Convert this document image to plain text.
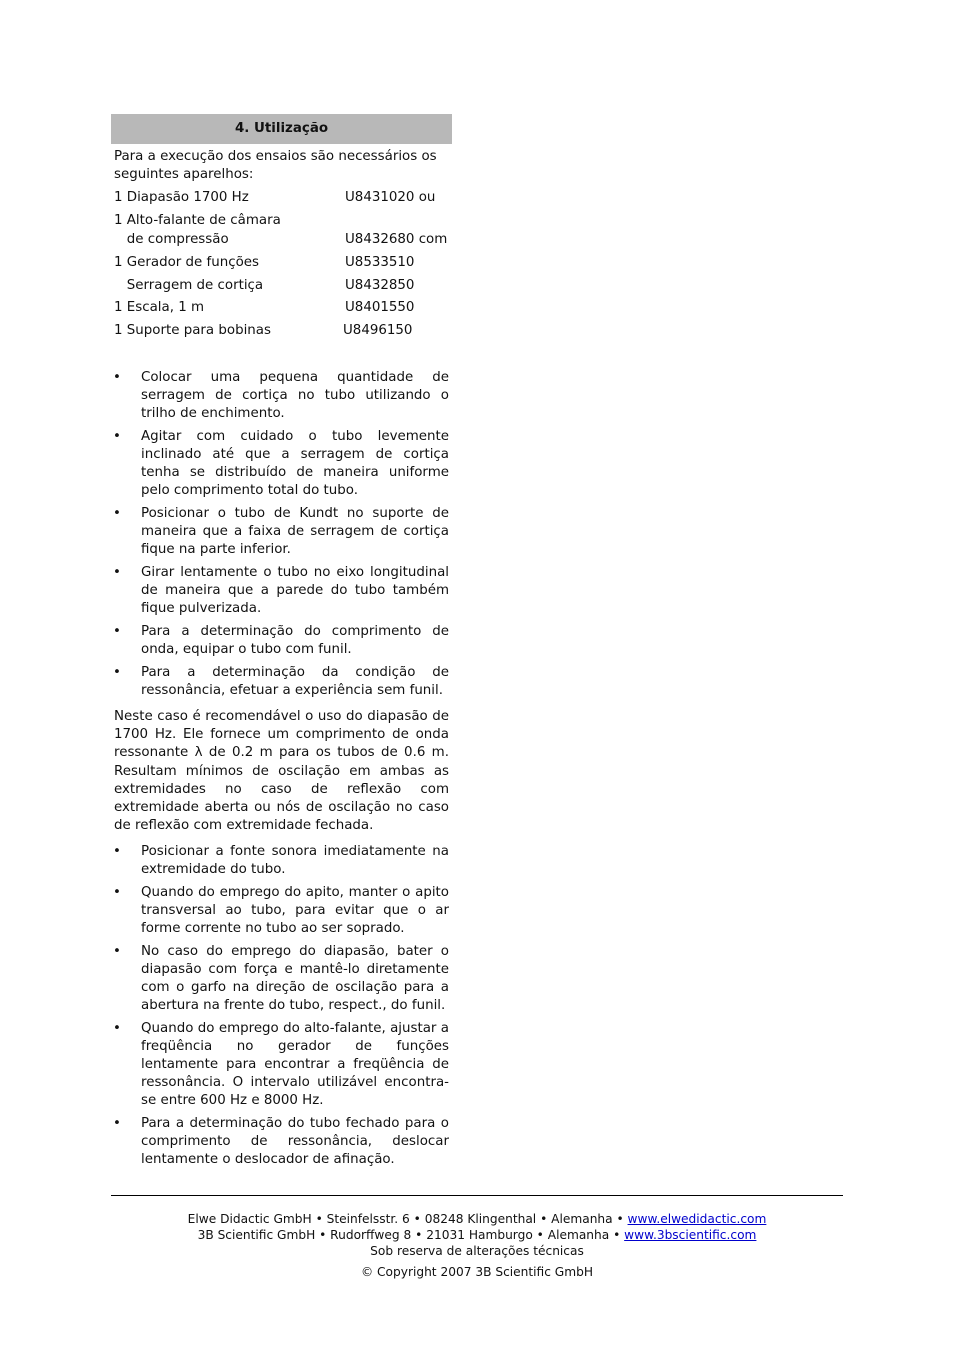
4. Utilização
Para a execução dos ensaios são necessários os seguintes aparelhos:
1 Diapasão 1700 Hz	U8431020 ou
1 Alto-falante de câmara
de compressão	U8432680 com
1 Gerador de funções	U8533510
Serragem de cortiça	U8432850
1 Escala, 1 m	U8401550
1 Suporte para bobinas	U8496150
• Colocar uma pequena quantidade de serragem de cortiça no tubo utilizando o trilho de enchimento.
• Agitar com cuidado o tubo levemente inclinado até que a serragem de cortiça tenha se distribuído de maneira uniforme pelo comprimento total do tubo.
• Posicionar o tubo de Kundt no suporte de maneira que a faixa de serragem de cortiça fique na parte inferior.
• Girar lentamente o tubo no eixo longitudinal de maneira que a parede do tubo também fique pulverizada.
• Para a determinação do comprimento de onda, equipar o tubo com funil.
• Para a determinação da condição de ressonância, efetuar a experiência sem funil.
Neste caso é recomendável o uso do diapasão de 1700 Hz. Ele fornece um comprimento de onda ressonante λ de 0.2 m para os tubos de 0.6 m. Resultam mínimos de oscilação em ambas as extremidades no caso de reflexão com extremidade aberta ou nós de oscilação no caso de reflexão com extremidade fechada.
• Posicionar a fonte sonora imediatamente na extremidade do tubo.
• Quando do emprego do apito, manter o apito transversal ao tubo, para evitar que o ar forme corrente no tubo ao ser soprado.
• No caso do emprego do diapasão, bater o diapasão com força e mantê-lo diretamente com o garfo na direção de oscilação para a abertura na frente do tubo, respect., do funil.
• Quando do emprego do alto-falante, ajustar a freqüência no gerador de funções lentamente para encontrar a freqüência de ressonância. O intervalo utilizável encontra-se entre 600 Hz e 8000 Hz.
• Para a determinação do tubo fechado para o comprimento de ressonância, deslocar lentamente o deslocador de afinação.
Elwe Didactic GmbH • Steinfelsstr. 6 • 08248 Klingenthal • Alemanha • www.elwedidactic.com
3B Scientific GmbH • Rudorffweg 8 • 21031 Hamburgo • Alemanha • www.3bscientific.com
Sob reserva de alterações técnicas
© Copyright 2007 3B Scientific GmbH
